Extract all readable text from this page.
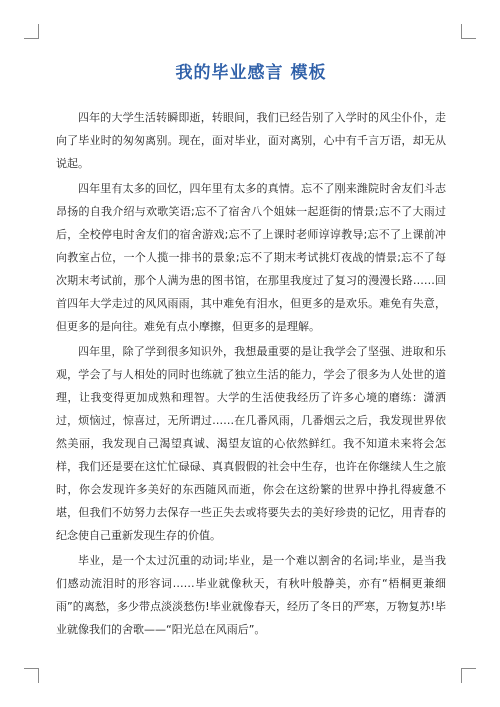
我的毕业感言 模板

四年的大学生活转瞬即逝，转眼间，我们已经告别了入学时的风尘仆仆，走向了毕业时的匆匆离别。现在，面对毕业，面对离别，心中有千言万语，却无从说起。

四年里有太多的回忆，四年里有太多的真情。忘不了刚来潍院时舍友们斗志昂扬的自我介绍与欢歌笑语;忘不了宿舍八个姐妹一起逛街的情景;忘不了大雨过后，全校停电时舍友们的宿舍游戏;忘不了上课时老师谆谆教导;忘不了上课前冲向教室占位，一个人揽一排书的景象;忘不了期末考试挑灯夜战的情景;忘不了每次期末考试前，那个人满为患的图书馆，在那里我度过了复习的漫漫长路……回首四年大学走过的风风雨雨，其中难免有泪水，但更多的是欢乐。难免有失意，但更多的是向往。难免有点小摩擦，但更多的是理解。

四年里，除了学到很多知识外，我想最重要的是让我学会了坚强、进取和乐观，学会了与人相处的同时也练就了独立生活的能力，学会了很多为人处世的道理，让我变得更加成熟和理智。大学的生活使我经历了许多心境的磨练：潇洒过，烦恼过，惊喜过，无所谓过……在几番风雨，几番烟云之后，我发现世界依然美丽，我发现自己渴望真诚、渴望友谊的心依然鲜红。我不知道未来将会怎样，我们还是要在这忙忙碌碌、真真假假的社会中生存，也许在你继续人生之旅时，你会发现许多美好的东西随风而逝，你会在这纷繁的世界中挣扎得疲惫不堪，但我们不妨努力去保存一些正失去或将要失去的美好珍贵的记忆，用青春的纪念使自己重新发现生存的价值。

毕业，是一个太过沉重的动词;毕业，是一个难以割舍的名词;毕业，是当我们感动流泪时的形容词……毕业就像秋天，有秋叶般静美，亦有“梧桐更兼细雨”的离愁，多少带点淡淡愁伤!毕业就像春天，经历了冬日的严寒，万物复苏!毕业就像我们的舍歌——“阳光总在风雨后”。
